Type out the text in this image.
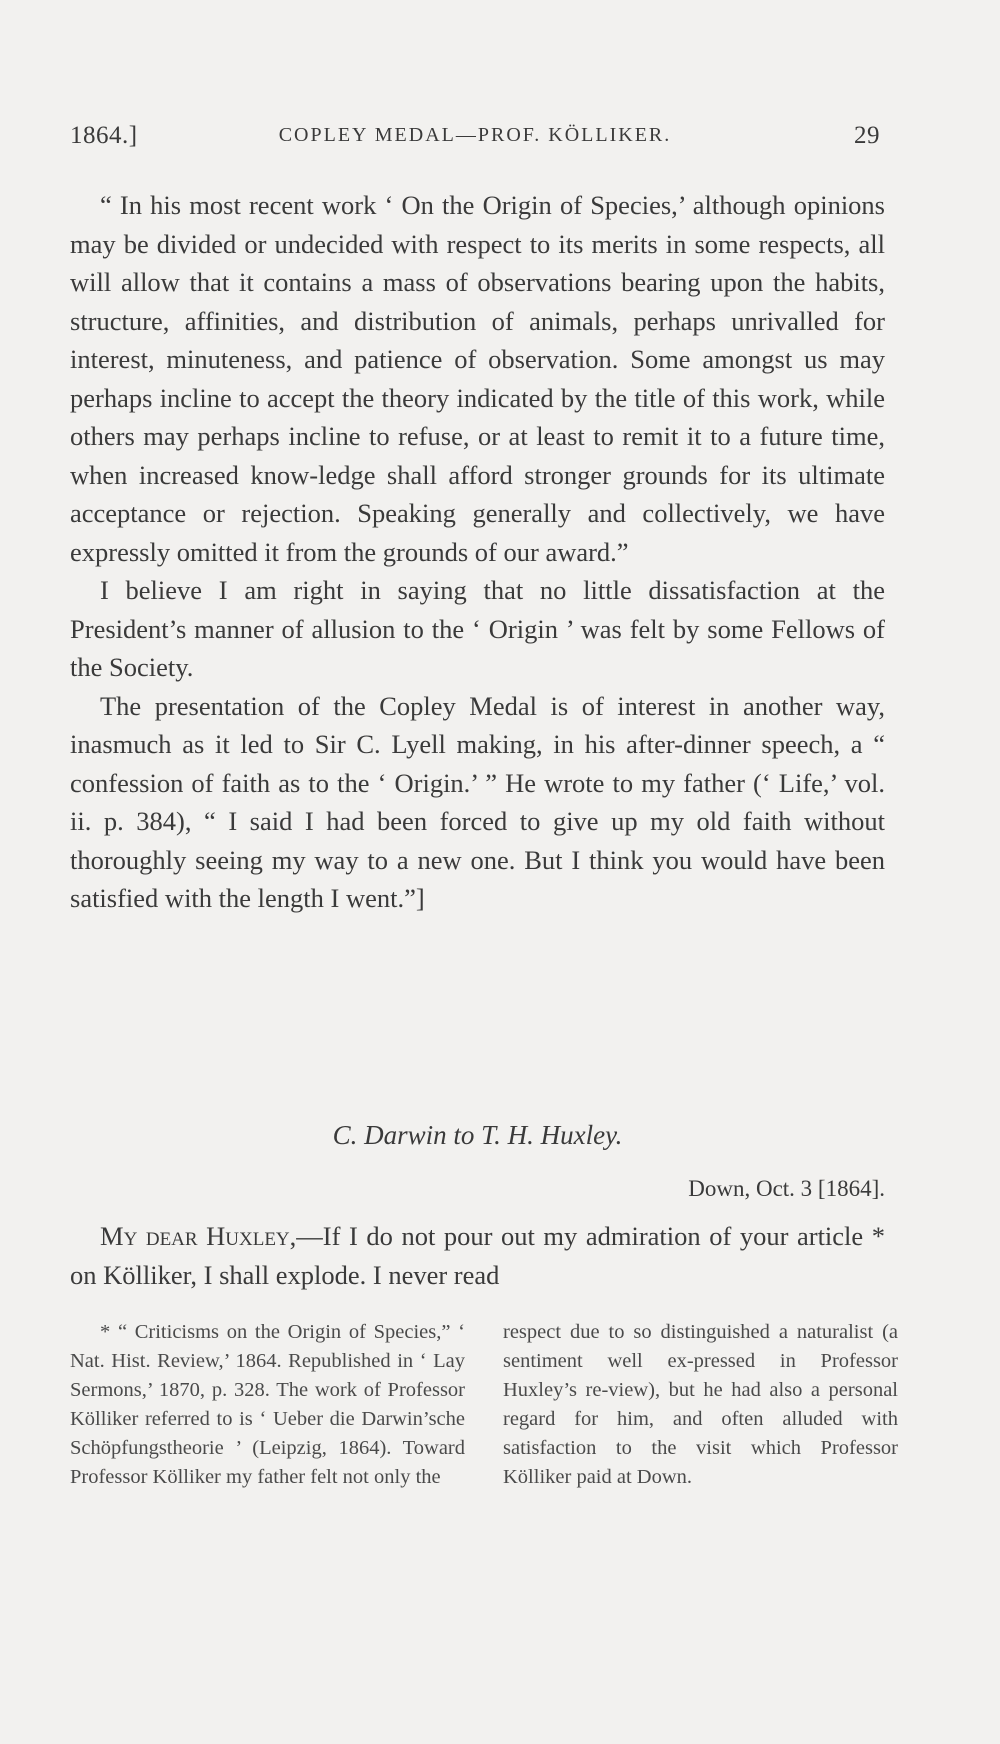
1864.]	COPLEY MEDAL—PROF. KÖLLIKER.	29

“ In his most recent work ‘ On the Origin of Species,’ although opinions may be divided or undecided with respect to its merits in some respects, all will allow that it contains a mass of observations bearing upon the habits, structure, affinities, and distribution of animals, perhaps unrivalled for interest, minuteness, and patience of observation. Some amongst us may perhaps incline to accept the theory indicated by the title of this work, while others may perhaps incline to refuse, or at least to remit it to a future time, when increased know-ledge shall afford stronger grounds for its ultimate acceptance or rejection. Speaking generally and collectively, we have expressly omitted it from the grounds of our award.”

I believe I am right in saying that no little dissatisfaction at the President’s manner of allusion to the ‘ Origin ’ was felt by some Fellows of the Society.

The presentation of the Copley Medal is of interest in another way, inasmuch as it led to Sir C. Lyell making, in his after-dinner speech, a “ confession of faith as to the ‘ Origin.’ ” He wrote to my father (‘ Life,’ vol. ii. p. 384), “ I said I had been forced to give up my old faith without thoroughly seeing my way to a new one. But I think you would have been satisfied with the length I went.”]

C. Darwin to T. H. Huxley.
Down, Oct. 3 [1864].

My dear Huxley,—If I do not pour out my admiration of your article * on Kölliker, I shall explode. I never read

* “ Criticisms on the Origin of Species,” ‘ Nat. Hist. Review,’ 1864. Republished in ‘ Lay Sermons,’ 1870, p. 328. The work of Professor Kölliker referred to is ‘ Ueber die Darwin’sche Schöpfungstheorie ’ (Leipzig, 1864). Toward Professor Kölliker my father felt not only the

respect due to so distinguished a naturalist (a sentiment well ex-pressed in Professor Huxley’s re-view), but he had also a personal regard for him, and often alluded with satisfaction to the visit which Professor Kölliker paid at Down.
